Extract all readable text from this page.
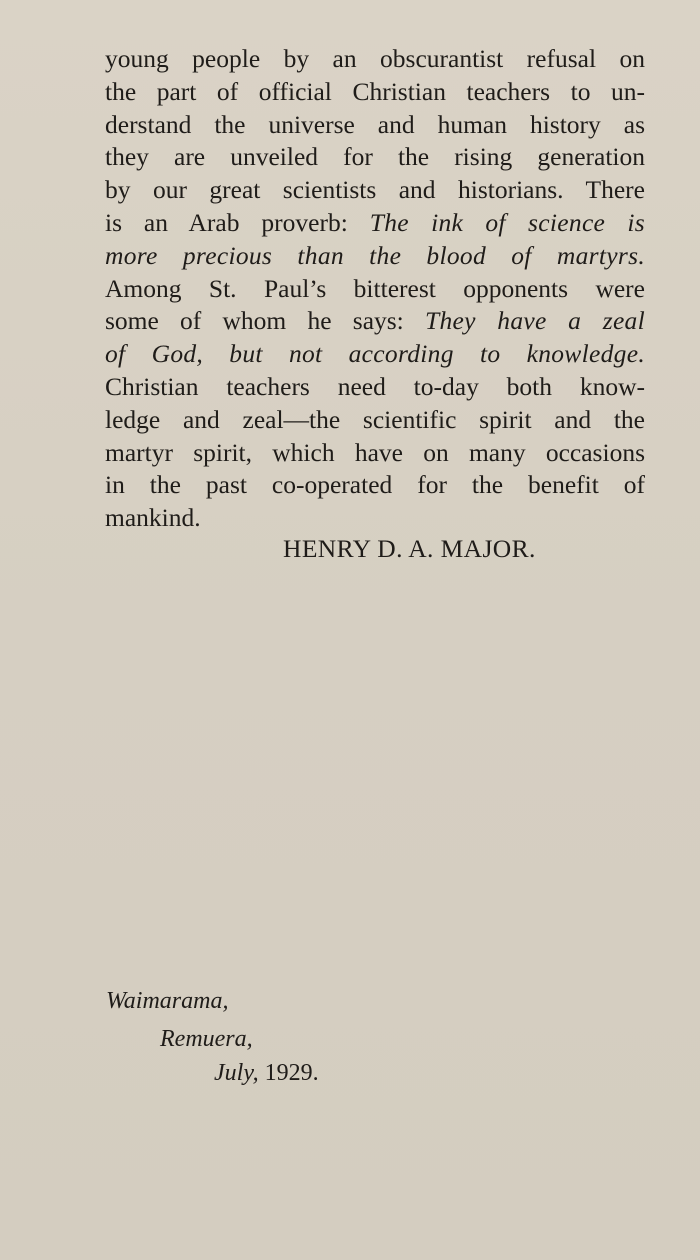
young people by an obscurantist refusal on
the part of official Christian teachers to un-
derstand the universe and human history as
they are unveiled for the rising generation
by our great scientists and historians. There
is an Arab proverb: The ink of science is
more precious than the blood of martyrs.
Among St. Paul’s bitterest opponents were
some of whom he says: They have a zeal
of God, but not according to knowledge.
Christian teachers need to-day both know-
ledge and zeal—the scientific spirit and the
martyr spirit, which have on many occasions
in the past co-operated for the benefit of
mankind.
HENRY D. A. MAJOR.
Waimarama,
Remuera,
July, 1929.
